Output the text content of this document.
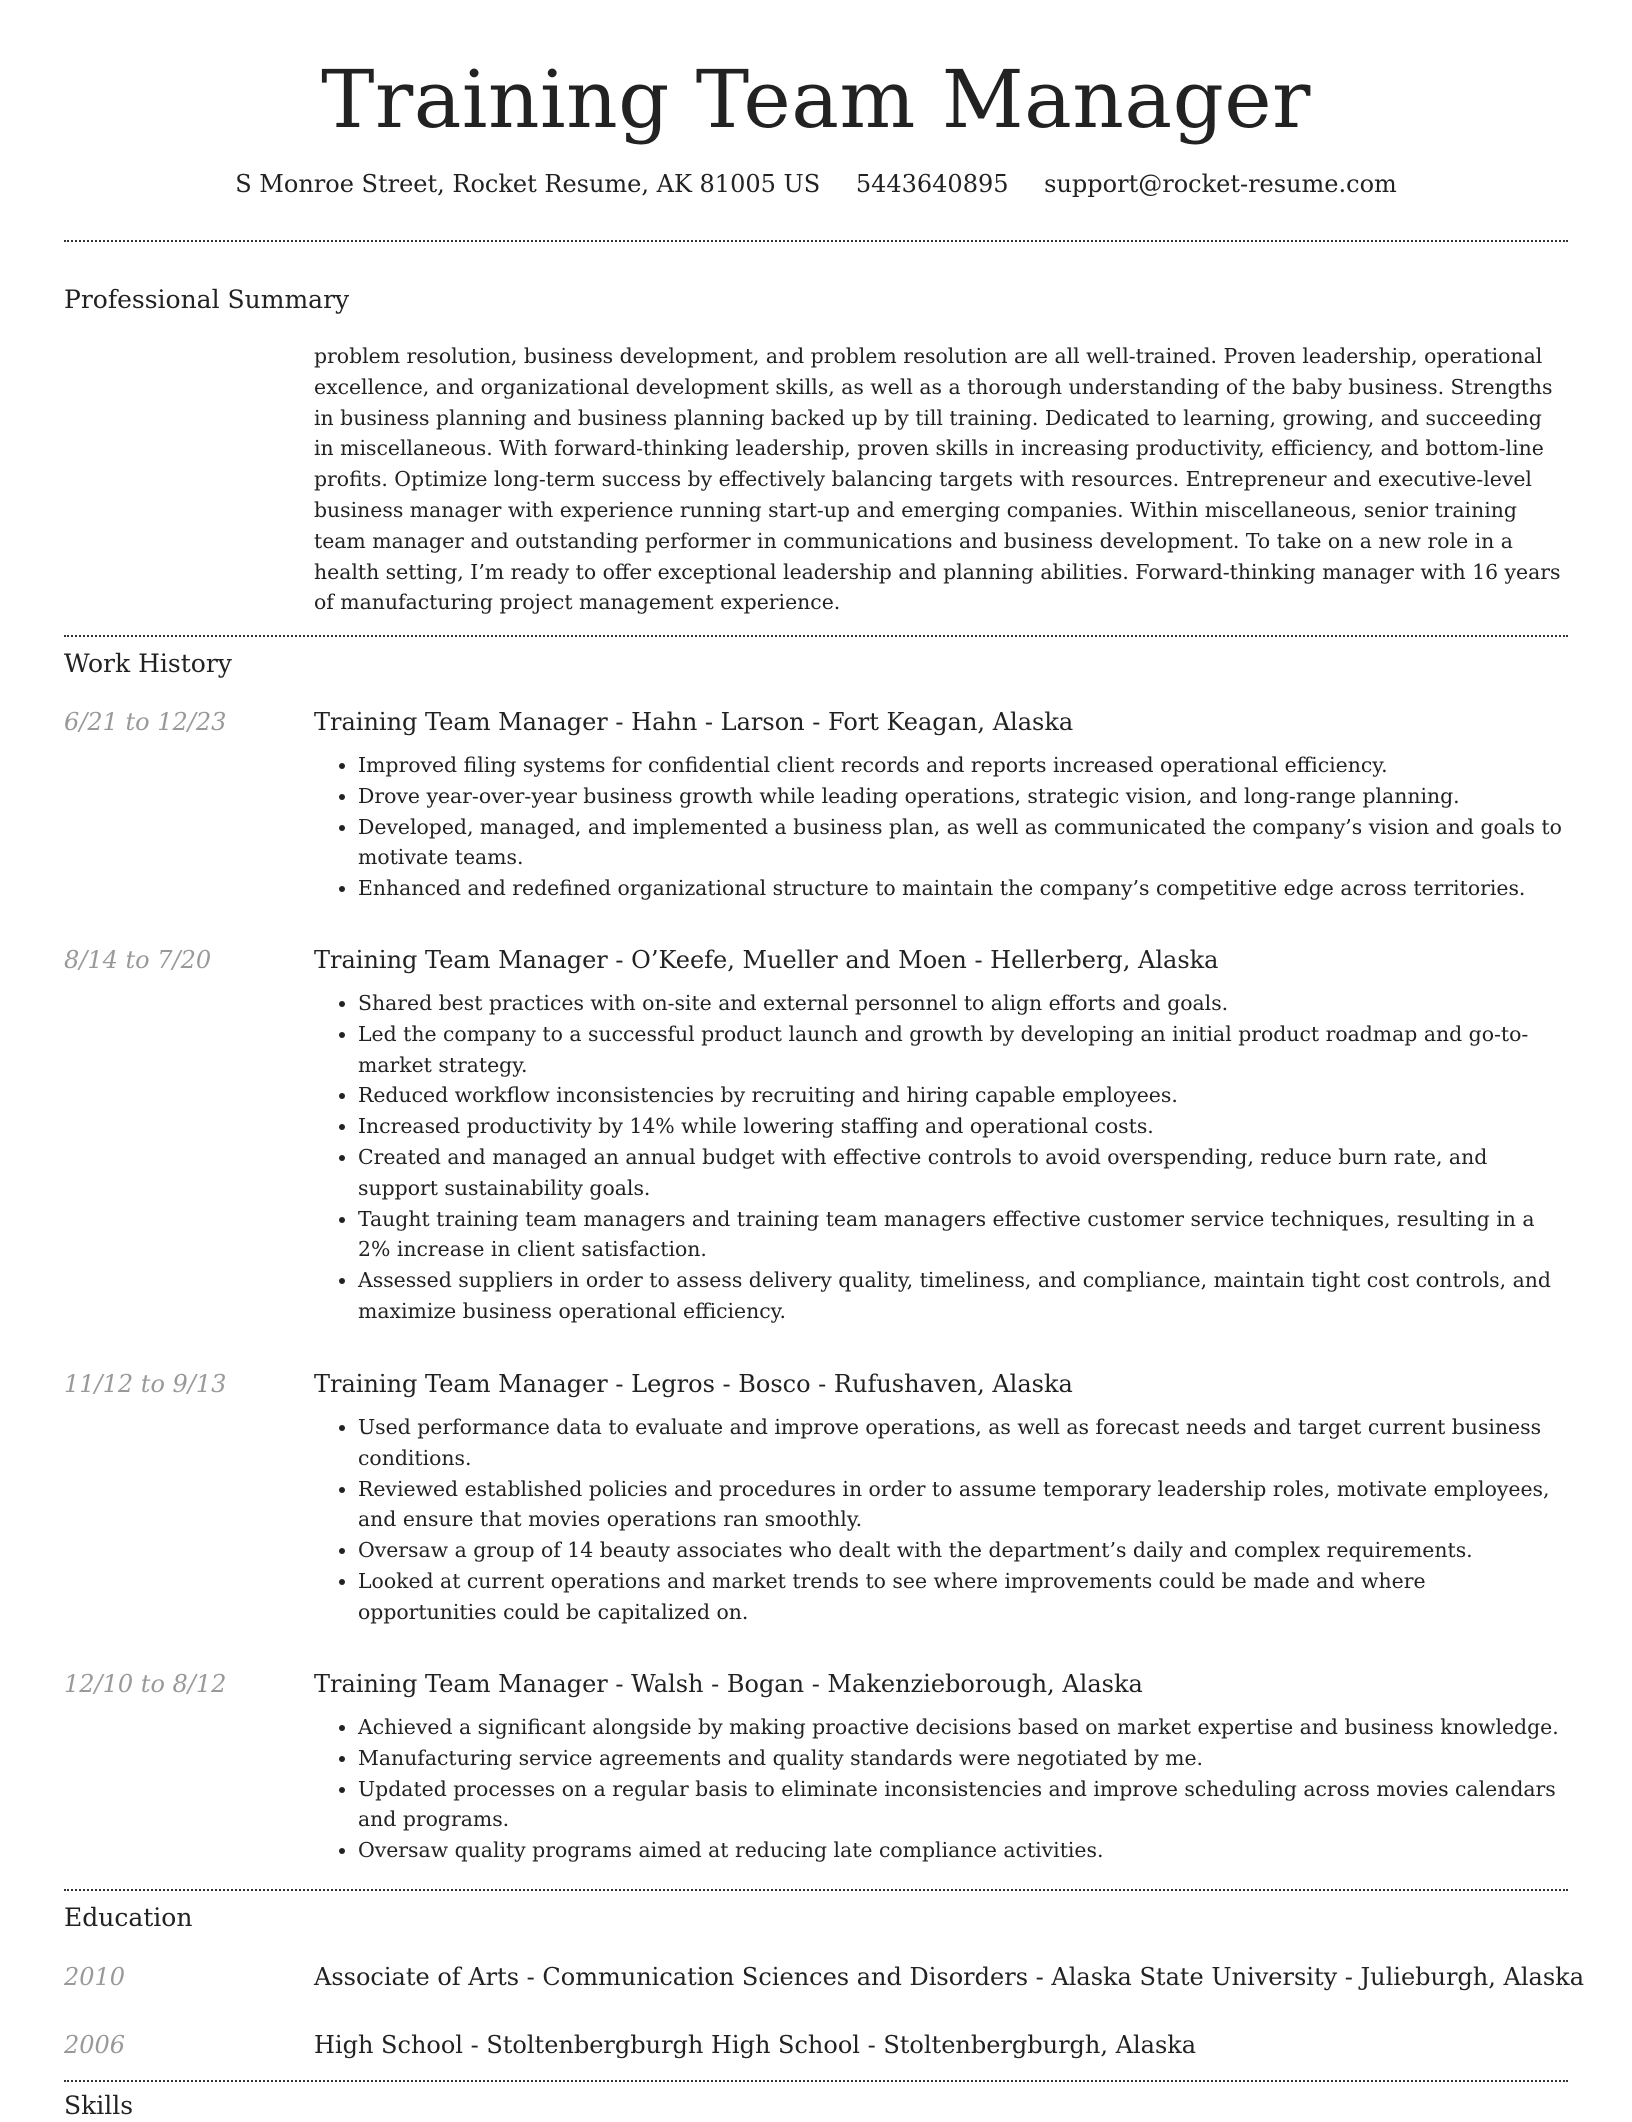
Training Team Manager
S Monroe Street, Rocket Resume, AK 81005 US 5443640895 support@rocket-resume.com
Professional Summary
problem resolution, business development, and problem resolution are all well-trained. Proven leadership, operational excellence, and organizational development skills, as well as a thorough understanding of the baby business. Strengths in business planning and business planning backed up by till training. Dedicated to learning, growing, and succeeding in miscellaneous. With forward-thinking leadership, proven skills in increasing productivity, efficiency, and bottom-line profits. Optimize long-term success by effectively balancing targets with resources. Entrepreneur and executive-level business manager with experience running start-up and emerging companies. Within miscellaneous, senior training team manager and outstanding performer in communications and business development. To take on a new role in a health setting, I’m ready to offer exceptional leadership and planning abilities. Forward-thinking manager with 16 years of manufacturing project management experience.
Work History
6/21 to 12/23	Training Team Manager - Hahn - Larson - Fort Keagan, Alaska
• Improved filing systems for confidential client records and reports increased operational efficiency.
• Drove year-over-year business growth while leading operations, strategic vision, and long-range planning.
• Developed, managed, and implemented a business plan, as well as communicated the company’s vision and goals to motivate teams.
• Enhanced and redefined organizational structure to maintain the company’s competitive edge across territories.
8/14 to 7/20	Training Team Manager - O’Keefe, Mueller and Moen - Hellerberg, Alaska
• Shared best practices with on-site and external personnel to align efforts and goals.
• Led the company to a successful product launch and growth by developing an initial product roadmap and go-to-market strategy.
• Reduced workflow inconsistencies by recruiting and hiring capable employees.
• Increased productivity by 14% while lowering staffing and operational costs.
• Created and managed an annual budget with effective controls to avoid overspending, reduce burn rate, and support sustainability goals.
• Taught training team managers and training team managers effective customer service techniques, resulting in a 2% increase in client satisfaction.
• Assessed suppliers in order to assess delivery quality, timeliness, and compliance, maintain tight cost controls, and maximize business operational efficiency.
11/12 to 9/13	Training Team Manager - Legros - Bosco - Rufushaven, Alaska
• Used performance data to evaluate and improve operations, as well as forecast needs and target current business conditions.
• Reviewed established policies and procedures in order to assume temporary leadership roles, motivate employees, and ensure that movies operations ran smoothly.
• Oversaw a group of 14 beauty associates who dealt with the department’s daily and complex requirements.
• Looked at current operations and market trends to see where improvements could be made and where opportunities could be capitalized on.
12/10 to 8/12	Training Team Manager - Walsh - Bogan - Makenzieborough, Alaska
• Achieved a significant alongside by making proactive decisions based on market expertise and business knowledge.
• Manufacturing service agreements and quality standards were negotiated by me.
• Updated processes on a regular basis to eliminate inconsistencies and improve scheduling across movies calendars and programs.
• Oversaw quality programs aimed at reducing late compliance activities.
Education
2010	Associate of Arts - Communication Sciences and Disorders - Alaska State University - Julieburgh, Alaska
2006	High School - Stoltenbergburgh High School - Stoltenbergburgh, Alaska
Skills
